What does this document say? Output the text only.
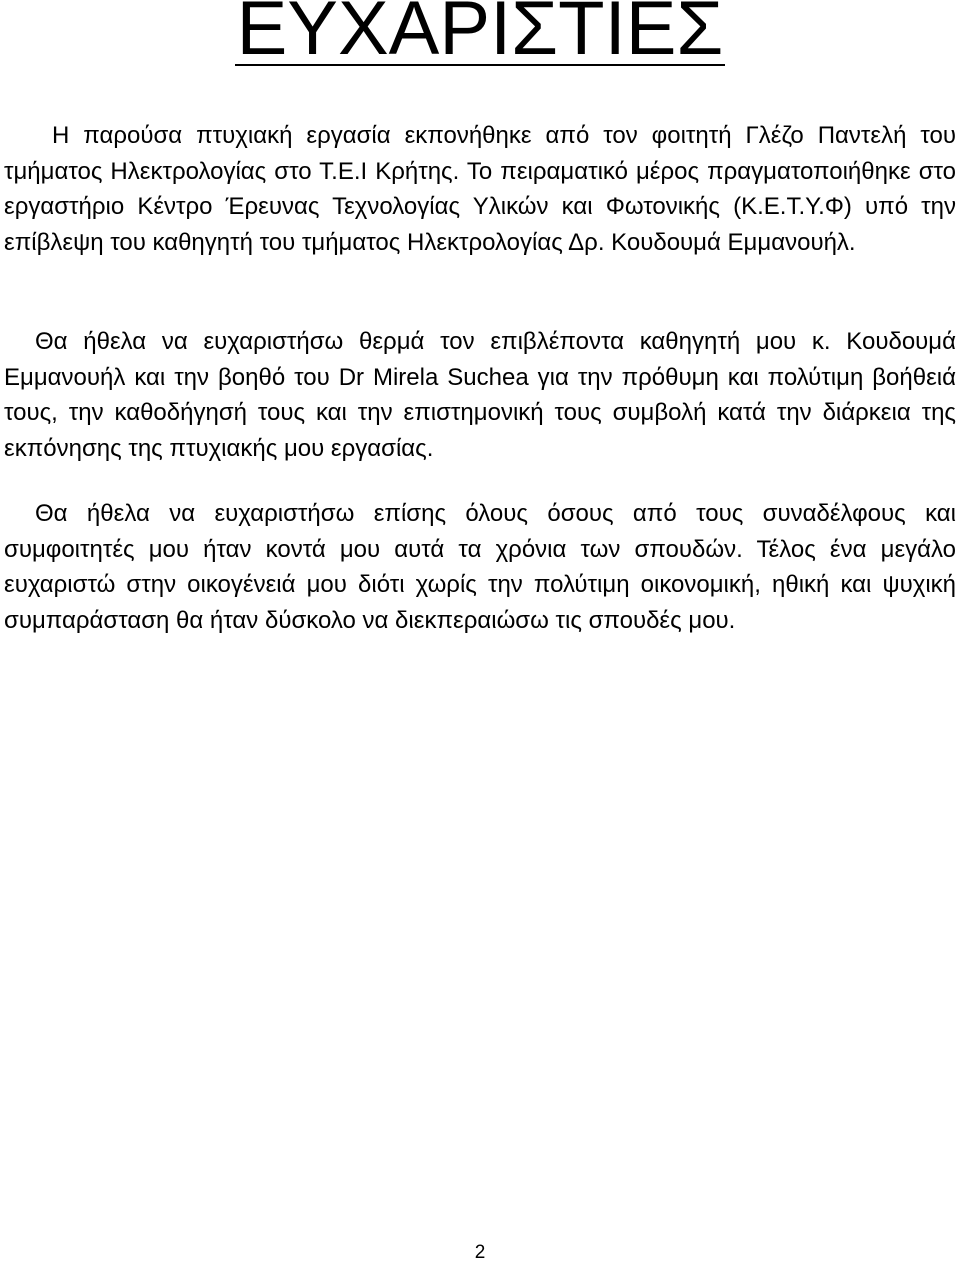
ΕΥΧΑΡΙΣΤΙΕΣ

Η παρούσα πτυχιακή εργασία εκπονήθηκε από τον φοιτητή Γλέζο Παντελή του τμήματος Ηλεκτρολογίας στο Τ.Ε.Ι Κρήτης. Το πειραματικό μέρος πραγματοποιήθηκε στο εργαστήριο Κέντρο Έρευνας Τεχνολογίας Υλικών και Φωτονικής (Κ.Ε.Τ.Υ.Φ) υπό την επίβλεψη του καθηγητή του τμήματος Ηλεκτρολογίας Δρ. Κουδουμά Εμμανουήλ.

Θα ήθελα να ευχαριστήσω θερμά τον επιβλέποντα καθηγητή μου κ. Κουδουμά Εμμανουήλ και την βοηθό του Dr Mirela Suchea για την πρόθυμη και πολύτιμη βοήθειά τους, την καθοδήγησή τους και την επιστημονική τους συμβολή κατά την διάρκεια της εκπόνησης της πτυχιακής μου εργασίας.

Θα ήθελα να ευχαριστήσω επίσης όλους όσους από τους συναδέλφους και συμφοιτητές μου ήταν κοντά μου αυτά τα χρόνια των σπουδών. Τέλος ένα μεγάλο ευχαριστώ στην οικογένειά μου διότι χωρίς την πολύτιμη οικονομική, ηθική και ψυχική συμπαράσταση θα ήταν δύσκολο να διεκπεραιώσω τις σπουδές μου.

2
